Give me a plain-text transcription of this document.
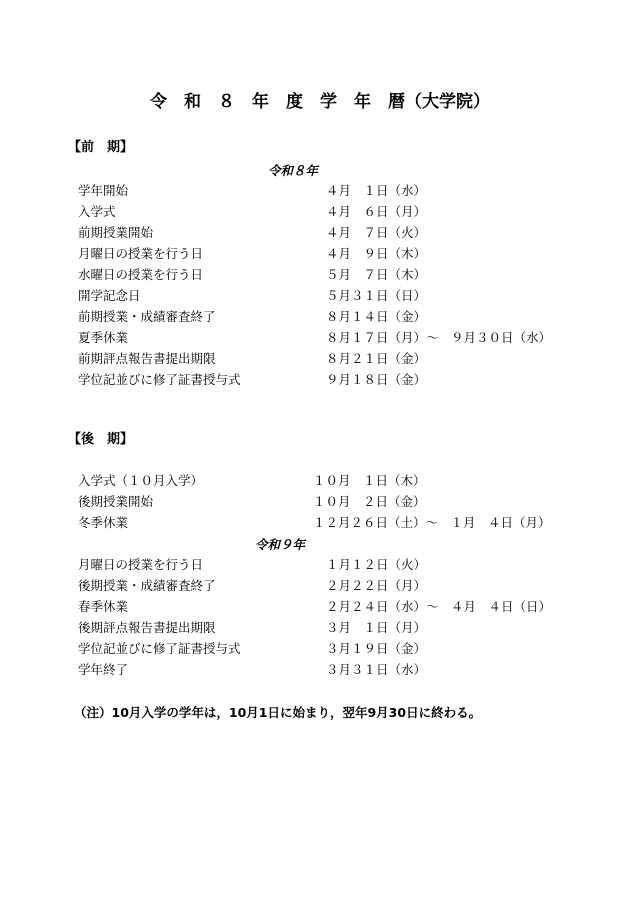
令　和　８　年　度　学　年　暦（大学院）
【前　期】
令和８年
学年開始	４月　１日（水）
入学式	４月　６日（月）
前期授業開始	４月　７日（火）
月曜日の授業を行う日	４月　９日（木）
水曜日の授業を行う日	５月　７日（木）
開学記念日	５月３１日（日）
前期授業・成績審査終了	８月１４日（金）
夏季休業	８月１７日（月）～　９月３０日（水）
前期評点報告書提出期限	８月２１日（金）
学位記並びに修了証書授与式	９月１８日（金）
【後　期】
入学式（１０月入学）	１０月　１日（木）
後期授業開始	１０月　２日（金）
冬季休業	１２月２６日（土）～　１月　４日（月）
令和９年
月曜日の授業を行う日	１月１２日（火）
後期授業・成績審査終了	２月２２日（月）
春季休業	２月２４日（水）～　４月　４日（日）
後期評点報告書提出期限	３月　１日（月）
学位記並びに修了証書授与式	３月１９日（金）
学年終了	３月３１日（水）
（注）10月入学の学年は，10月1日に始まり，翌年9月30日に終わる。
